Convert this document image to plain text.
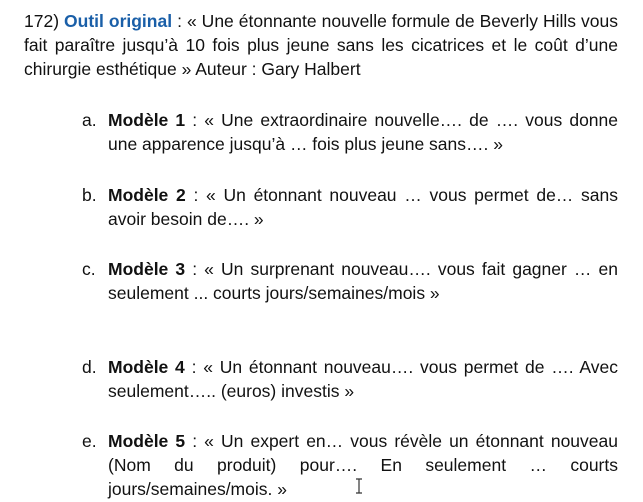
172) Outil original : « Une étonnante nouvelle formule de Beverly Hills vous fait paraître jusqu’à 10 fois plus jeune sans les cicatrices et le coût d’une chirurgie esthétique » Auteur : Gary Halbert

a. Modèle 1 : « Une extraordinaire nouvelle…. de …. vous donne une apparence jusqu’à … fois plus jeune sans…. »
b. Modèle 2 : « Un étonnant nouveau … vous permet de… sans avoir besoin de…. »
c. Modèle 3 : « Un surprenant nouveau…. vous fait gagner … en seulement ... courts jours/semaines/mois »
d. Modèle 4 : « Un étonnant nouveau…. vous permet de …. Avec seulement….. (euros) investis »
e. Modèle 5 : « Un expert en… vous révèle un étonnant nouveau (Nom du produit) pour…. En seulement … courts jours/semaines/mois. »
